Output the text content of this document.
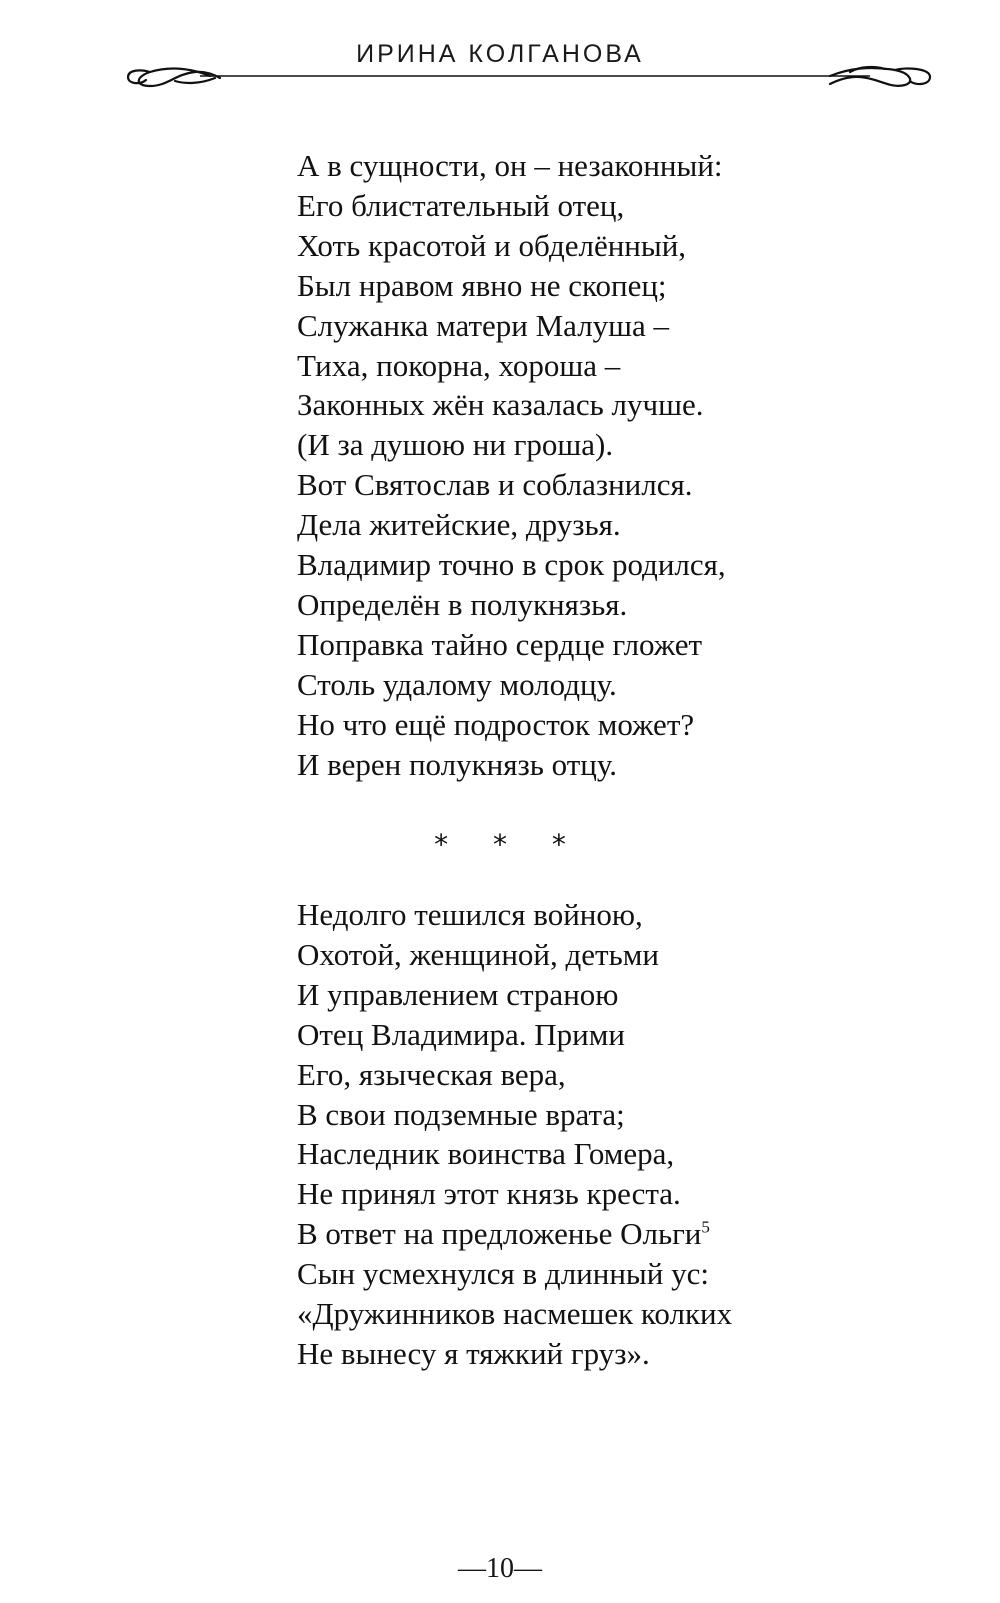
ИРИНА КОЛГАНОВА
А в сущности, он – незаконный:
Его блистательный отец,
Хоть красотой и обделённый,
Был нравом явно не скопец;
Служанка матери Малуша –
Тиха, покорна, хороша –
Законных жён казалась лучше.
(И за душою ни гроша).
Вот Святослав и соблазнился.
Дела житейские, друзья.
Владимир точно в срок родился,
Определён в полукнязья.
Поправка тайно сердце гложет
Столь удалому молодцу.
Но что ещё подросток может?
И верен полукнязь отцу.
* * *
Недолго тешился войною,
Охотой, женщиной, детьми
И управлением страною
Отец Владимира. Прими
Его, языческая вера,
В свои подземные врата;
Наследник воинства Гомера,
Не принял этот князь креста.
В ответ на предложенье Ольги$^5$
Сын усмехнулся в длинный ус:
«Дружинников насмешек колких
Не вынесу я тяжкий груз».
—10—
